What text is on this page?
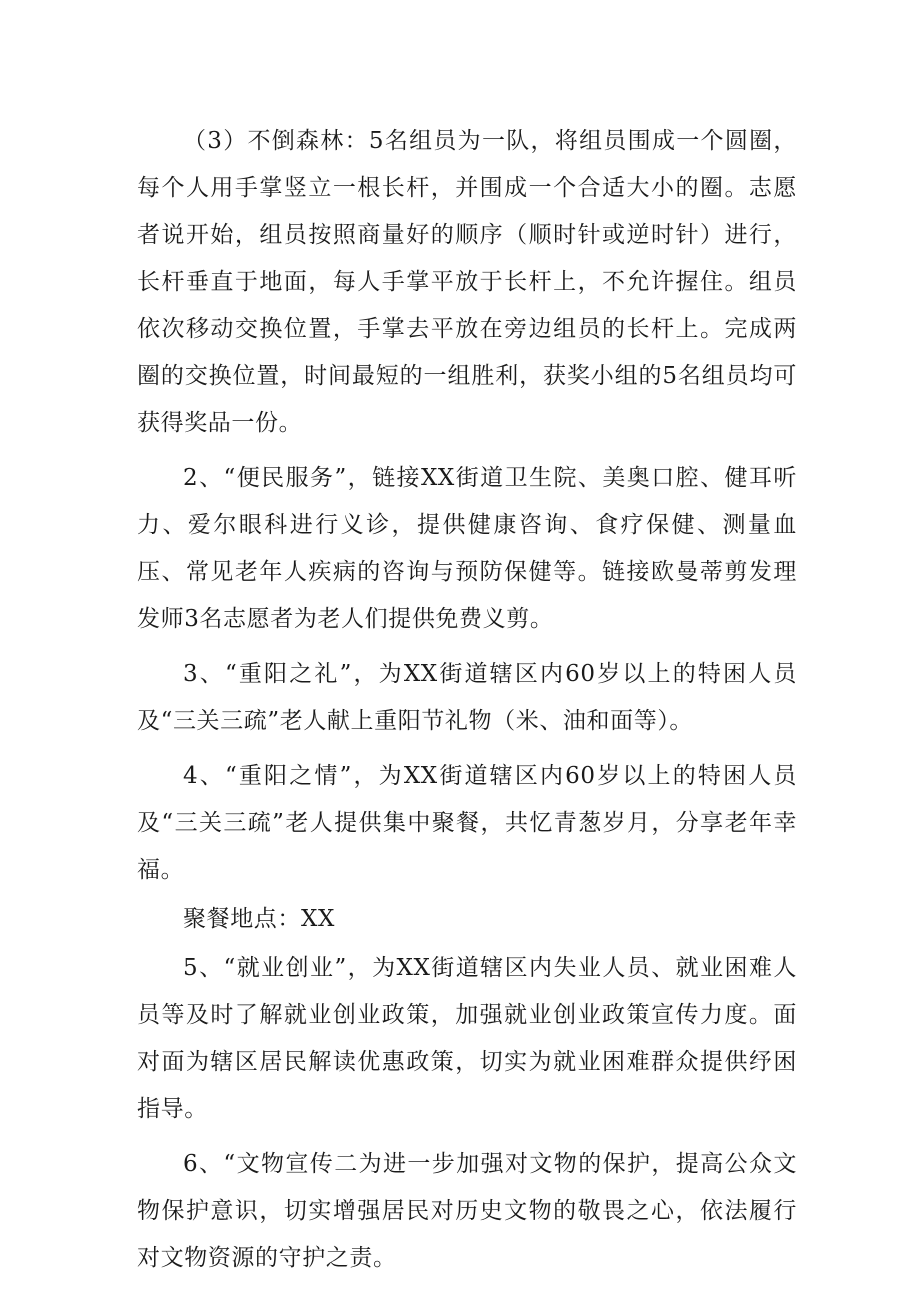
（3）不倒森林：5名组员为一队，将组员围成一个圆圈，每个人用手掌竖立一根长杆，并围成一个合适大小的圈。志愿者说开始，组员按照商量好的顺序（顺时针或逆时针）进行，长杆垂直于地面，每人手掌平放于长杆上，不允许握住。组员依次移动交换位置，手掌去平放在旁边组员的长杆上。完成两圈的交换位置，时间最短的一组胜利，获奖小组的5名组员均可获得奖品一份。

2、“便民服务”，链接XX街道卫生院、美奥口腔、健耳听力、爱尔眼科进行义诊，提供健康咨询、食疗保健、测量血压、常见老年人疾病的咨询与预防保健等。链接欧曼蒂剪发理发师3名志愿者为老人们提供免费义剪。

3、“重阳之礼”，为XX街道辖区内60岁以上的特困人员及“三关三疏”老人献上重阳节礼物（米、油和面等）。

4、“重阳之情”，为XX街道辖区内60岁以上的特困人员及“三关三疏”老人提供集中聚餐，共忆青葱岁月，分享老年幸福。

聚餐地点：XX

5、“就业创业”，为XX街道辖区内失业人员、就业困难人员等及时了解就业创业政策，加强就业创业政策宣传力度。面对面为辖区居民解读优惠政策，切实为就业困难群众提供纾困指导。

6、“文物宣传二为进一步加强对文物的保护，提高公众文物保护意识，切实增强居民对历史文物的敬畏之心，依法履行对文物资源的守护之责。
